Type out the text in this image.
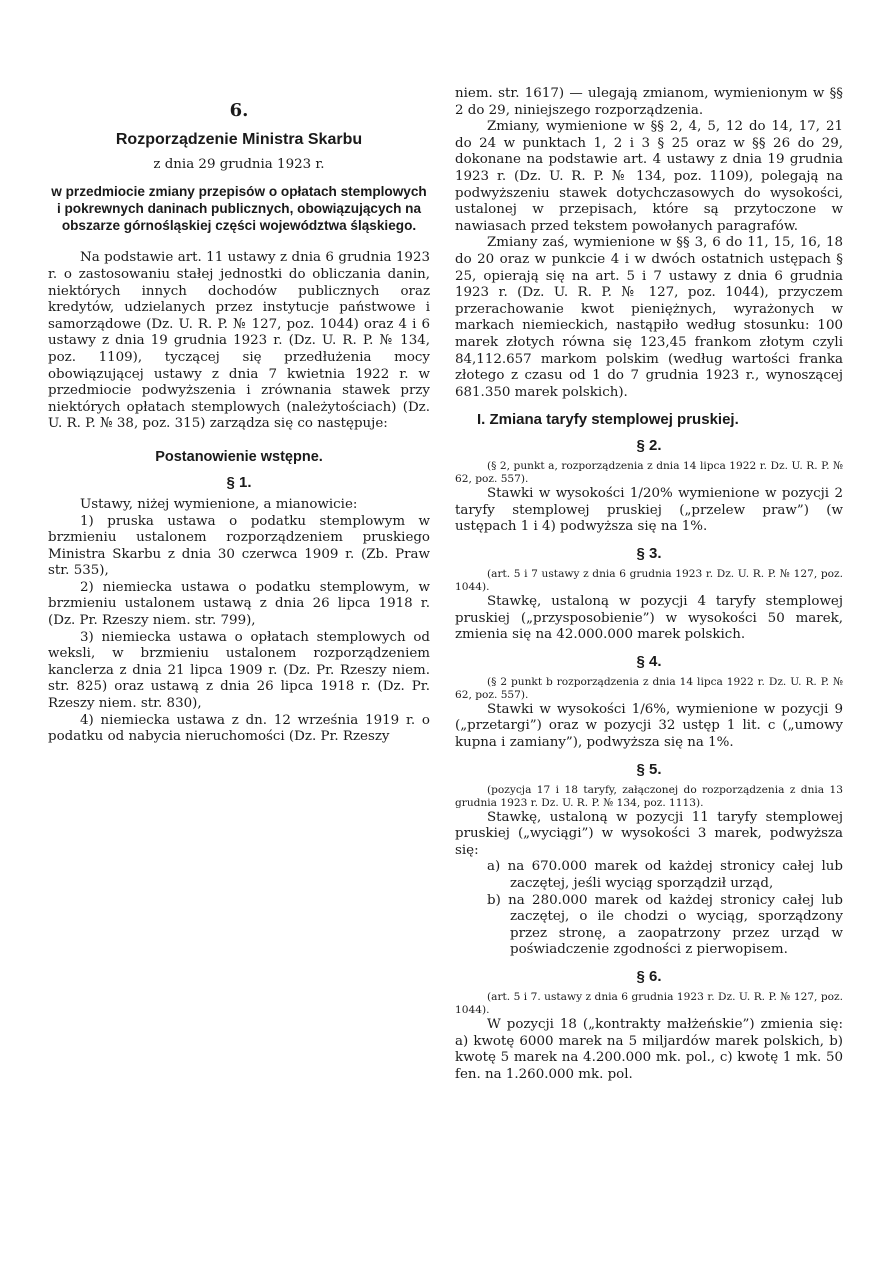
6.
Rozporządzenie Ministra Skarbu
z dnia 29 grudnia 1923 r.
w przedmiocie zmiany przepisów o opłatach stemplowych i pokrewnych daninach publicznych, obowiązujących na obszarze górnośląskiej części województwa śląskiego.

Na podstawie art. 11 ustawy z dnia 6 grudnia 1923 r. o zastosowaniu stałej jednostki do obliczania danin, niektórych innych dochodów publicznych oraz kredytów, udzielanych przez instytucje państwowe i samorządowe (Dz. U. R. P. № 127, poz. 1044) oraz 4 i 6 ustawy z dnia 19 grudnia 1923 r. (Dz. U. R. P. № 134, poz. 1109), tyczącej się przedłużenia mocy obowiązującej ustawy z dnia 7 kwietnia 1922 r. w przedmiocie podwyższenia i zrównania stawek przy niektórych opłatach stemplowych (należytościach) (Dz. U. R. P. № 38, poz. 315) zarządza się co następuje:

Postanowienie wstępne.
§ 1.

Ustawy, niżej wymienione, a mianowicie:

1) pruska ustawa o podatku stemplowym w brzmieniu ustalonem rozporządzeniem pruskiego Ministra Skarbu z dnia 30 czerwca 1909 r. (Zb. Praw str. 535),

2) niemiecka ustawa o podatku stemplowym, w brzmieniu ustalonem ustawą z dnia 26 lipca 1918 r. (Dz. Pr. Rzeszy niem. str. 799),

3) niemiecka ustawa o opłatach stemplowych od weksli, w brzmieniu ustalonem rozporządzeniem kanclerza z dnia 21 lipca 1909 r. (Dz. Pr. Rzeszy niem. str. 825) oraz ustawą z dnia 26 lipca 1918 r. (Dz. Pr. Rzeszy niem. str. 830),

4) niemiecka ustawa z dn. 12 września 1919 r. o podatku od nabycia nieruchomości (Dz. Pr. Rzeszy

niem. str. 1617) — ulegają zmianom, wymienionym w §§ 2 do 29, niniejszego rozporządzenia.

Zmiany, wymienione w §§ 2, 4, 5, 12 do 14, 17, 21 do 24 w punktach 1, 2 i 3 § 25 oraz w §§ 26 do 29, dokonane na podstawie art. 4 ustawy z dnia 19 grudnia 1923 r. (Dz. U. R. P. № 134, poz. 1109), polegają na podwyższeniu stawek dotychczasowych do wysokości, ustalonej w przepisach, które są przytoczone w nawiasach przed tekstem powołanych paragrafów.

Zmiany zaś, wymienione w §§ 3, 6 do 11, 15, 16, 18 do 20 oraz w punkcie 4 i w dwóch ostatnich ustępach § 25, opierają się na art. 5 i 7 ustawy z dnia 6 grudnia 1923 r. (Dz. U. R. P. № 127, poz. 1044), przyczem przerachowanie kwot pieniężnych, wyrażonych w markach niemieckich, nastąpiło według stosunku: 100 marek złotych równa się 123,45 frankom złotym czyli 84,112.657 markom polskim (według wartości franka złotego z czasu od 1 do 7 grudnia 1923 r., wynoszącej 681.350 marek polskich).

I. Zmiana taryfy stemplowej pruskiej.
§ 2.
(§ 2, punkt a, rozporządzenia z dnia 14 lipca 1922 r. Dz. U. R. P. № 62, poz. 557).

Stawki w wysokości 1/20% wymienione w pozycji 2 taryfy stemplowej pruskiej („przelew praw”) (w ustępach 1 i 4) podwyższa się na 1%.

§ 3.
(art. 5 i 7 ustawy z dnia 6 grudnia 1923 r. Dz. U. R. P. № 127, poz. 1044).

Stawkę, ustaloną w pozycji 4 taryfy stemplowej pruskiej („przysposobienie”) w wysokości 50 marek, zmienia się na 42.000.000 marek polskich.

§ 4.
(§ 2 punkt b rozporządzenia z dnia 14 lipca 1922 r. Dz. U. R. P. № 62, poz. 557).

Stawki w wysokości 1/6%, wymienione w pozycji 9 („przetargi”) oraz w pozycji 32 ustęp 1 lit. c („umowy kupna i zamiany”), podwyższa się na 1%.

§ 5.
(pozycja 17 i 18 taryfy, załączonej do rozporządzenia z dnia 13 grudnia 1923 r. Dz. U. R. P. № 134, poz. 1113).

Stawkę, ustaloną w pozycji 11 taryfy stemplowej pruskiej („wyciągi”) w wysokości 3 marek, podwyższa się:

a) na 670.000 marek od każdej stronicy całej lub zaczętej, jeśli wyciąg sporządził urząd,

b) na 280.000 marek od każdej stronicy całej lub zaczętej, o ile chodzi o wyciąg, sporządzony przez stronę, a zaopatrzony przez urząd w poświadczenie zgodności z pierwopisem.

§ 6.
(art. 5 i 7. ustawy z dnia 6 grudnia 1923 r. Dz. U. R. P. № 127, poz. 1044).

W pozycji 18 („kontrakty małżeńskie”) zmienia się: a) kwotę 6000 marek na 5 miljardów marek polskich, b) kwotę 5 marek na 4.200.000 mk. pol., c) kwotę 1 mk. 50 fen. na 1.260.000 mk. pol.
